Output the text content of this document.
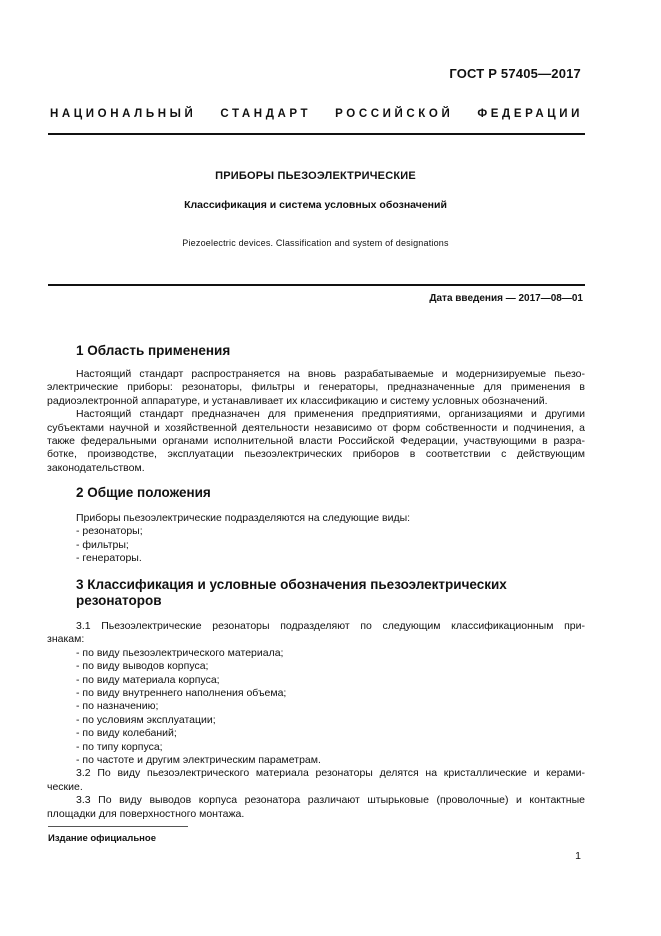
ГОСТ Р 57405—2017
НАЦИОНАЛЬНЫЙ СТАНДАРТ РОССИЙСКОЙ ФЕДЕРАЦИИ
ПРИБОРЫ ПЬЕЗОЭЛЕКТРИЧЕСКИЕ
Классификация и система условных обозначений
Piezoelectric devices. Classification and system of designations
Дата введения — 2017—08—01
1 Область применения
Настоящий стандарт распространяется на вновь разрабатываемые и модернизируемые пьезо-
электрические приборы: резонаторы, фильтры и генераторы, предназначенные для применения в
радиоэлектронной аппаратуре, и устанавливает их классификацию и систему условных обозначений.
Настоящий стандарт предназначен для применения предприятиями, организациями и другими
субъектами научной и хозяйственной деятельности независимо от форм собственности и подчинения, а
также федеральными органами исполнительной власти Российской Федерации, участвующими в разра-
ботке, производстве, эксплуатации пьезоэлектрических приборов в соответствии с действующим
законодательством.
2 Общие положения
Приборы пьезоэлектрические подразделяются на следующие виды:
- резонаторы;
- фильтры;
- генераторы.
3 Классификация и условные обозначения пьезоэлектрических
резонаторов
3.1 Пьезоэлектрические резонаторы подразделяют по следующим классификационным при-
знакам:
- по виду пьезоэлектрического материала;
- по виду выводов корпуса;
- по виду материала корпуса;
- по виду внутреннего наполнения объема;
- по назначению;
- по условиям эксплуатации;
- по виду колебаний;
- по типу корпуса;
- по частоте и другим электрическим параметрам.
3.2 По виду пьезоэлектрического материала резонаторы делятся на кристаллические и керами-
ческие.
3.3 По виду выводов корпуса резонатора различают штырьковые (проволочные) и контактные
площадки для поверхностного монтажа.
Издание официальное
1
